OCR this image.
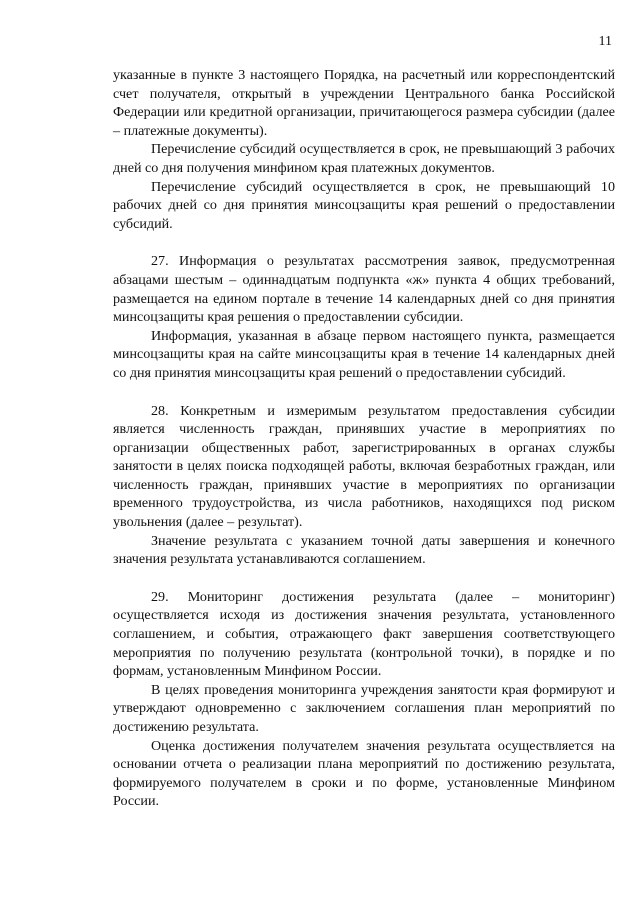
11

указанные в пункте 3 настоящего Порядка, на расчетный или корреспондентский счет получателя, открытый в учреждении Центрального банка Российской Федерации или кредитной организации, причитающегося размера субсидии (далее – платежные документы).

Перечисление субсидий осуществляется в срок, не превышающий 3 рабочих дней со дня получения минфином края платежных документов.

Перечисление субсидий осуществляется в срок, не превышающий 10 рабочих дней со дня принятия минсоцзащиты края решений о предоставлении субсидий.

27. Информация о результатах рассмотрения заявок, предусмотренная абзацами шестым – одиннадцатым подпункта «ж» пункта 4 общих требований, размещается на едином портале в течение 14 календарных дней со дня принятия минсоцзащиты края решения о предоставлении субсидии.

Информация, указанная в абзаце первом настоящего пункта, размещается минсоцзащиты края на сайте минсоцзащиты края в течение 14 календарных дней со дня принятия минсоцзащиты края решений о предоставлении субсидий.

28. Конкретным и измеримым результатом предоставления субсидии является численность граждан, принявших участие в мероприятиях по организации общественных работ, зарегистрированных в органах службы занятости в целях поиска подходящей работы, включая безработных граждан, или численность граждан, принявших участие в мероприятиях по организации временного трудоустройства, из числа работников, находящихся под риском увольнения (далее – результат).

Значение результата с указанием точной даты завершения и конечного значения результата устанавливаются соглашением.

29. Мониторинг достижения результата (далее – мониторинг) осуществляется исходя из достижения значения результата, установленного соглашением, и события, отражающего факт завершения соответствующего мероприятия по получению результата (контрольной точки), в порядке и по формам, установленным Минфином России.

В целях проведения мониторинга учреждения занятости края формируют и утверждают одновременно с заключением соглашения план мероприятий по достижению результата.

Оценка достижения получателем значения результата осуществляется на основании отчета о реализации плана мероприятий по достижению результата, формируемого получателем в сроки и по форме, установленные Минфином России.
